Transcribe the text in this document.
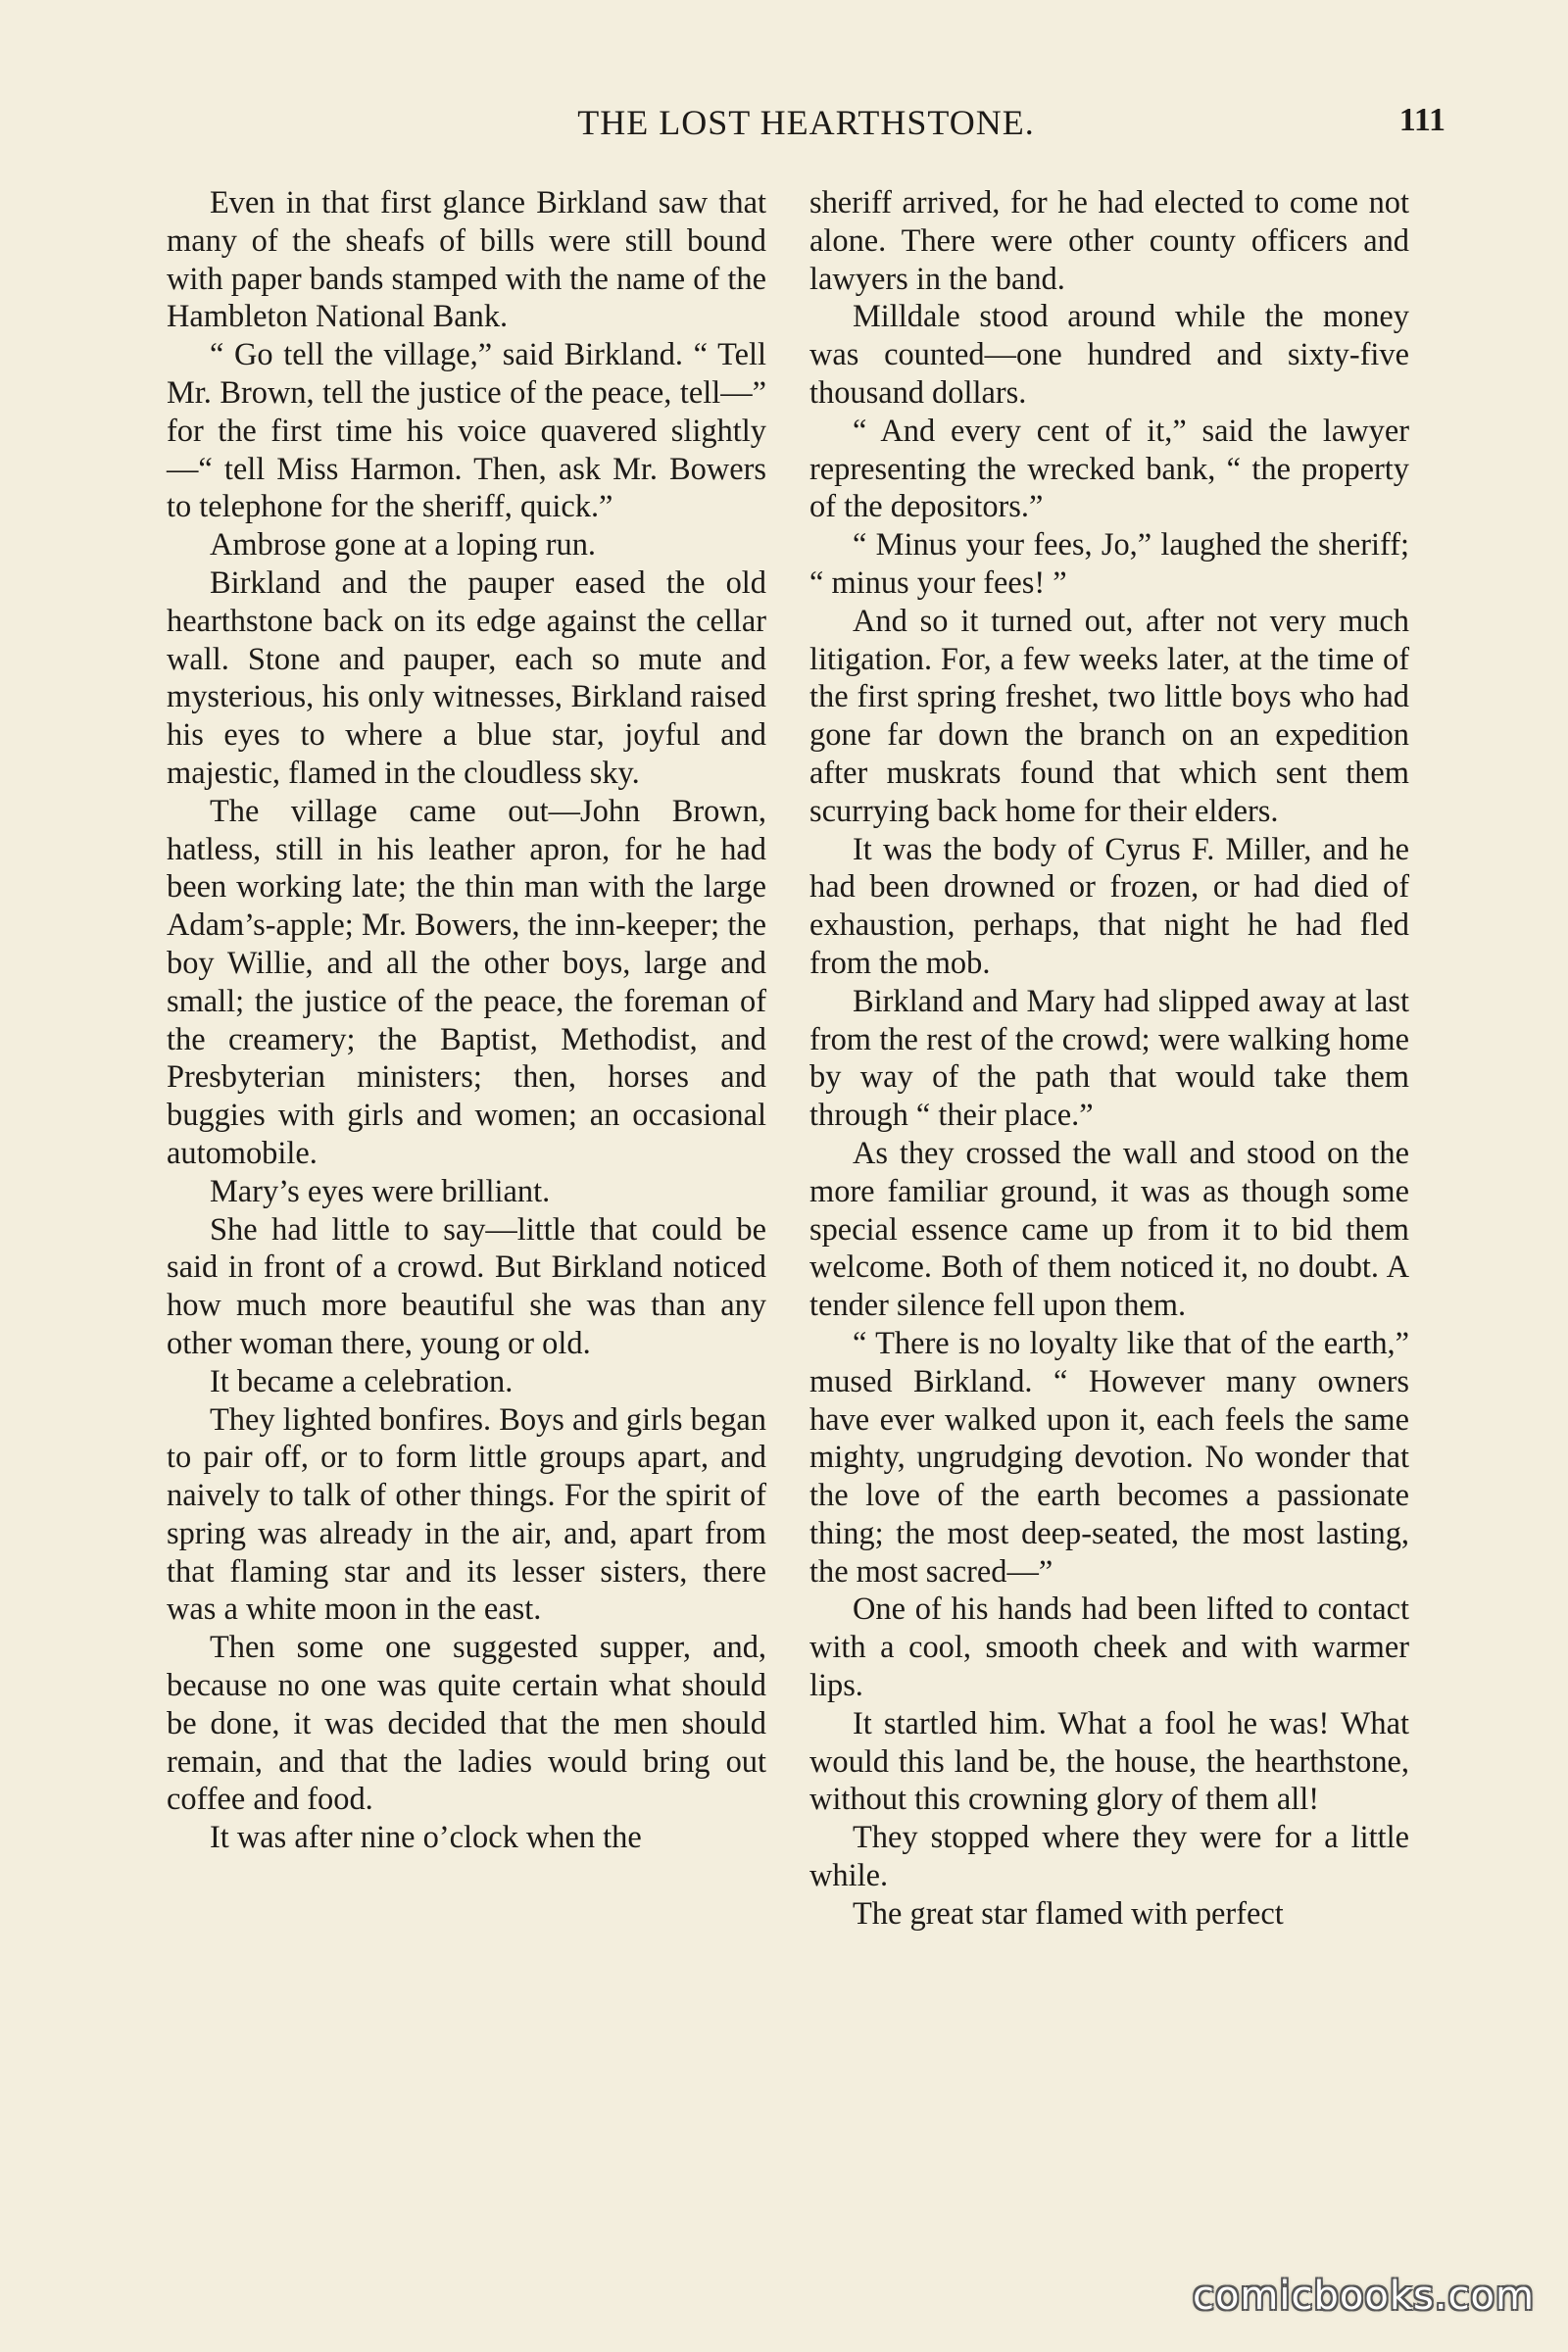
THE LOST HEARTHSTONE.	111

Even in that first glance Birkland saw that many of the sheafs of bills were still bound with paper bands stamped with the name of the Hambleton National Bank.

“ Go tell the village,” said Birkland. “ Tell Mr. Brown, tell the justice of the peace, tell—” for the first time his voice quavered slightly—“ tell Miss Harmon. Then, ask Mr. Bowers to telephone for the sheriff, quick.”

Ambrose gone at a loping run.

Birkland and the pauper eased the old hearthstone back on its edge against the cellar wall. Stone and pauper, each so mute and mysterious, his only witnesses, Birkland raised his eyes to where a blue star, joyful and majestic, flamed in the cloudless sky.

The village came out—John Brown, hatless, still in his leather apron, for he had been working late; the thin man with the large Adam’s-apple; Mr. Bowers, the inn-keeper; the boy Willie, and all the other boys, large and small; the justice of the peace, the foreman of the creamery; the Baptist, Methodist, and Presbyterian ministers; then, horses and buggies with girls and women; an occasional automobile.

Mary’s eyes were brilliant.

She had little to say—little that could be said in front of a crowd. But Birkland noticed how much more beautiful she was than any other woman there, young or old.

It became a celebration.

They lighted bonfires. Boys and girls began to pair off, or to form little groups apart, and naively to talk of other things. For the spirit of spring was already in the air, and, apart from that flaming star and its lesser sisters, there was a white moon in the east.

Then some one suggested supper, and, because no one was quite certain what should be done, it was decided that the men should remain, and that the ladies would bring out coffee and food.

It was after nine o’clock when the

sheriff arrived, for he had elected to come not alone. There were other county officers and lawyers in the band.

Milldale stood around while the money was counted—one hundred and sixty-five thousand dollars.

“ And every cent of it,” said the lawyer representing the wrecked bank, “ the property of the depositors.”

“ Minus your fees, Jo,” laughed the sheriff; “ minus your fees! ”

And so it turned out, after not very much litigation. For, a few weeks later, at the time of the first spring freshet, two little boys who had gone far down the branch on an expedition after muskrats found that which sent them scurrying back home for their elders.

It was the body of Cyrus F. Miller, and he had been drowned or frozen, or had died of exhaustion, perhaps, that night he had fled from the mob.

Birkland and Mary had slipped away at last from the rest of the crowd; were walking home by way of the path that would take them through “ their place.”

As they crossed the wall and stood on the more familiar ground, it was as though some special essence came up from it to bid them welcome. Both of them noticed it, no doubt. A tender silence fell upon them.

“ There is no loyalty like that of the earth,” mused Birkland. “ However many owners have ever walked upon it, each feels the same mighty, ungrudging devotion. No wonder that the love of the earth becomes a passionate thing; the most deep-seated, the most lasting, the most sacred—”

One of his hands had been lifted to contact with a cool, smooth cheek and with warmer lips.

It startled him. What a fool he was! What would this land be, the house, the hearthstone, without this crowning glory of them all!

They stopped where they were for a little while.

The great star flamed with perfect

comicbooks.com
